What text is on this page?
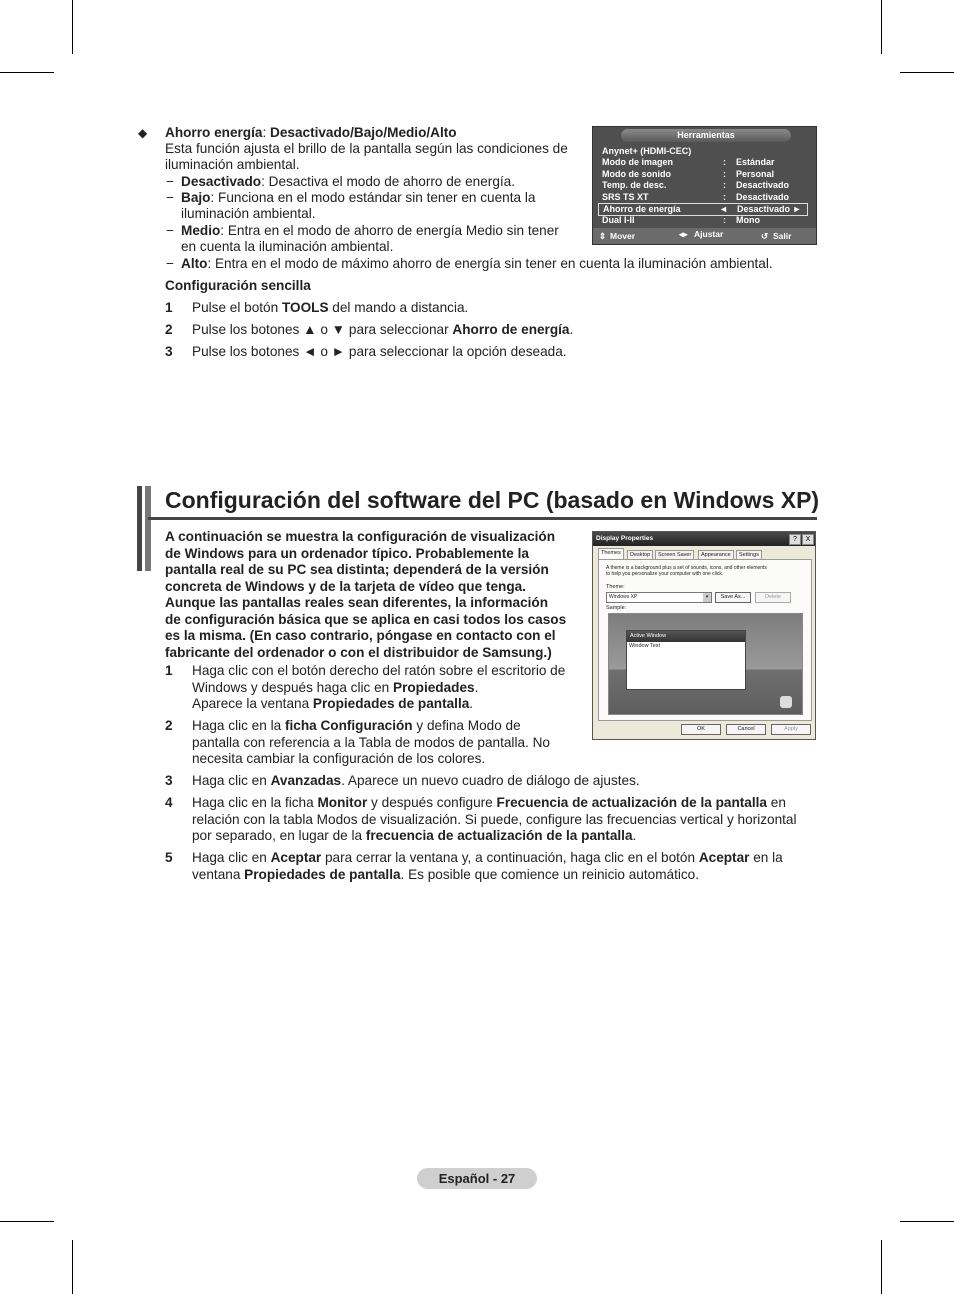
◆ Ahorro energía: Desactivado/Bajo/Medio/Alto
Esta función ajusta el brillo de la pantalla según las condiciones de
iluminación ambiental.
− Desactivado: Desactiva el modo de ahorro de energía.
− Bajo: Funciona en el modo estándar sin tener en cuenta la
iluminación ambiental.
− Medio: Entra en el modo de ahorro de energía Medio sin tener
en cuenta la iluminación ambiental.
− Alto: Entra en el modo de máximo ahorro de energía sin tener en cuenta la iluminación ambiental.
Configuración sencilla
1 Pulse el botón TOOLS del mando a distancia.
2 Pulse los botones ▲ o ▼ para seleccionar Ahorro de energía.
3 Pulse los botones ◄ o ► para seleccionar la opción deseada.
Herramientas
Anynet+ (HDMI-CEC)
Modo de imagen	: Estándar
Modo de sonido	: Personal
Temp. de desc.	: Desactivado
SRS TS XT	: Desactivado
Ahorro de energía	◄ Desactivado ►
Dual I-II	: Mono
⇕ Mover	◂▸ Ajustar	↺ Salir
Configuración del software del PC (basado en Windows XP)
A continuación se muestra la configuración de visualización
de Windows para un ordenador típico. Probablemente la
pantalla real de su PC sea distinta; dependerá de la versión
concreta de Windows y de la tarjeta de vídeo que tenga.
Aunque las pantallas reales sean diferentes, la información
de configuración básica que se aplica en casi todos los casos
es la misma. (En caso contrario, póngase en contacto con el
fabricante del ordenador o con el distribuidor de Samsung.)
1 Haga clic con el botón derecho del ratón sobre el escritorio de
Windows y después haga clic en Propiedades.
Aparece la ventana Propiedades de pantalla.
2 Haga clic en la ficha Configuración y defina Modo de
pantalla con referencia a la Tabla de modos de pantalla. No
necesita cambiar la configuración de los colores.
3 Haga clic en Avanzadas. Aparece un nuevo cuadro de diálogo de ajustes.
4 Haga clic en la ficha Monitor y después configure Frecuencia de actualización de la pantalla en
relación con la tabla Modos de visualización. Si puede, configure las frecuencias vertical y horizontal
por separado, en lugar de la frecuencia de actualización de la pantalla.
5 Haga clic en Aceptar para cerrar la ventana y, a continuación, haga clic en el botón Aceptar en la
ventana Propiedades de pantalla. Es posible que comience un reinicio automático.
Display Properties	?	X
Themes	Desktop	Screen Saver	Appearance	Settings
A theme is a background plus a set of sounds, icons, and other elements
to help you personalize your computer with one click.
Theme:
Windows XP	▾	Save As...	Delete
Sample:
Active Window
Window Text
OK	Cancel	Apply
Español - 27
